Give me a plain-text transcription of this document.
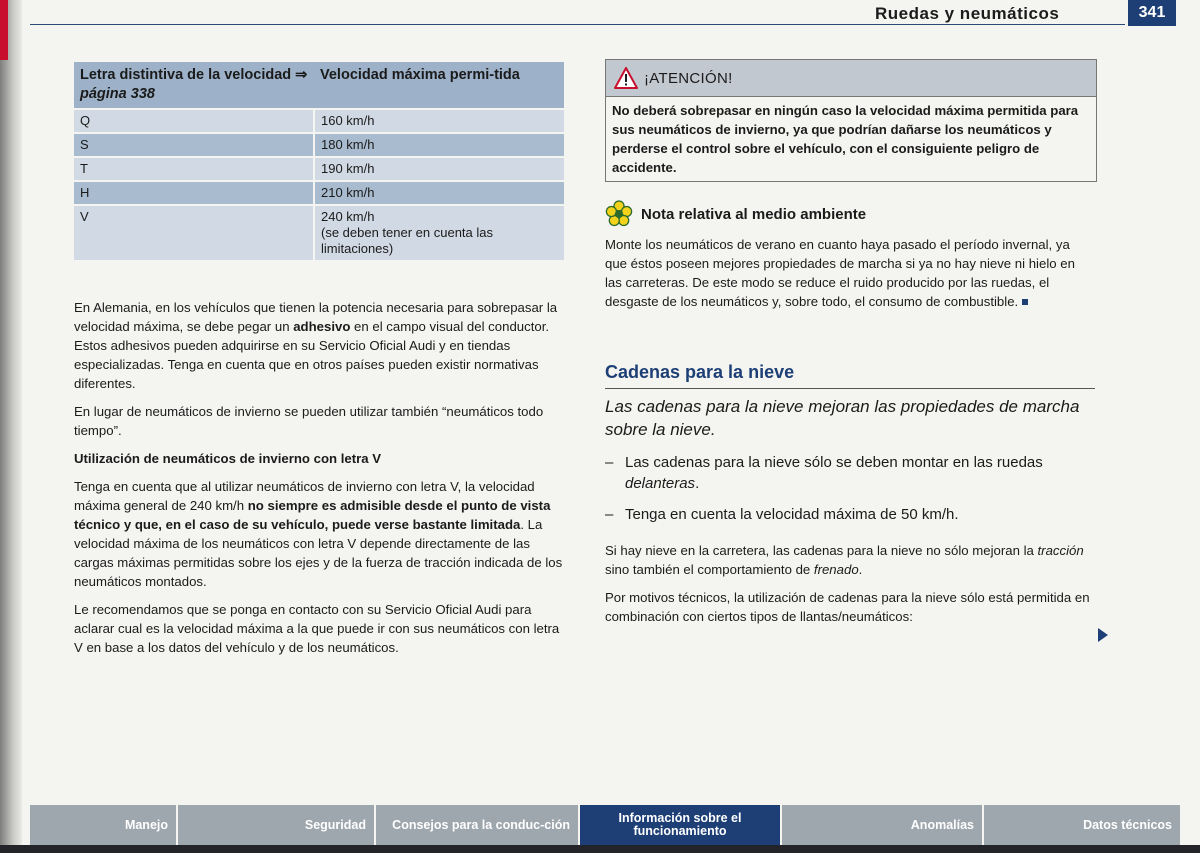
Ruedas y neumáticos	341
Letra distintiva de la velocidad ⇒ página 338	Velocidad máxima permi-tida
Q	160 km/h
S	180 km/h
T	190 km/h
H	210 km/h
V	240 km/h
(se deben tener en cuenta las limitaciones)

En Alemania, en los vehículos que tienen la potencia necesaria para sobrepasar la velocidad máxima, se debe pegar un adhesivo en el campo visual del conductor. Estos adhesivos pueden adquirirse en su Servicio Oficial Audi y en tiendas especializadas. Tenga en cuenta que en otros países pueden existir normativas diferentes.

En lugar de neumáticos de invierno se pueden utilizar también “neumáticos todo tiempo”.

Utilización de neumáticos de invierno con letra V

Tenga en cuenta que al utilizar neumáticos de invierno con letra V, la velocidad máxima general de 240 km/h no siempre es admisible desde el punto de vista técnico y que, en el caso de su vehículo, puede verse bastante limitada. La velocidad máxima de los neumáticos con letra V depende directamente de las cargas máximas permitidas sobre los ejes y de la fuerza de tracción indicada de los neumáticos montados.

Le recomendamos que se ponga en contacto con su Servicio Oficial Audi para aclarar cual es la velocidad máxima a la que puede ir con sus neumáticos con letra V en base a los datos del vehículo y de los neumáticos.

¡ATENCIÓN!
No deberá sobrepasar en ningún caso la velocidad máxima permitida para sus neumáticos de invierno, ya que podrían dañarse los neumáticos y perderse el control sobre el vehículo, con el consiguiente peligro de accidente.
Nota relativa al medio ambiente

Monte los neumáticos de verano en cuanto haya pasado el período invernal, ya que éstos poseen mejores propiedades de marcha si ya no hay nieve ni hielo en las carreteras. De este modo se reduce el ruido producido por las ruedas, el desgaste de los neumáticos y, sobre todo, el consumo de combustible.

Cadenas para la nieve

Las cadenas para la nieve mejoran las propiedades de marcha sobre la nieve.

– Las cadenas para la nieve sólo se deben montar en las ruedas delanteras.
– Tenga en cuenta la velocidad máxima de 50 km/h.

Si hay nieve en la carretera, las cadenas para la nieve no sólo mejoran la tracción sino también el comportamiento de frenado.

Por motivos técnicos, la utilización de cadenas para la nieve sólo está permitida en combinación con ciertos tipos de llantas/neumáticos:

Manejo	Seguridad	Consejos para la conduc-ción	Información sobre el funcionamiento	Anomalías	Datos técnicos
